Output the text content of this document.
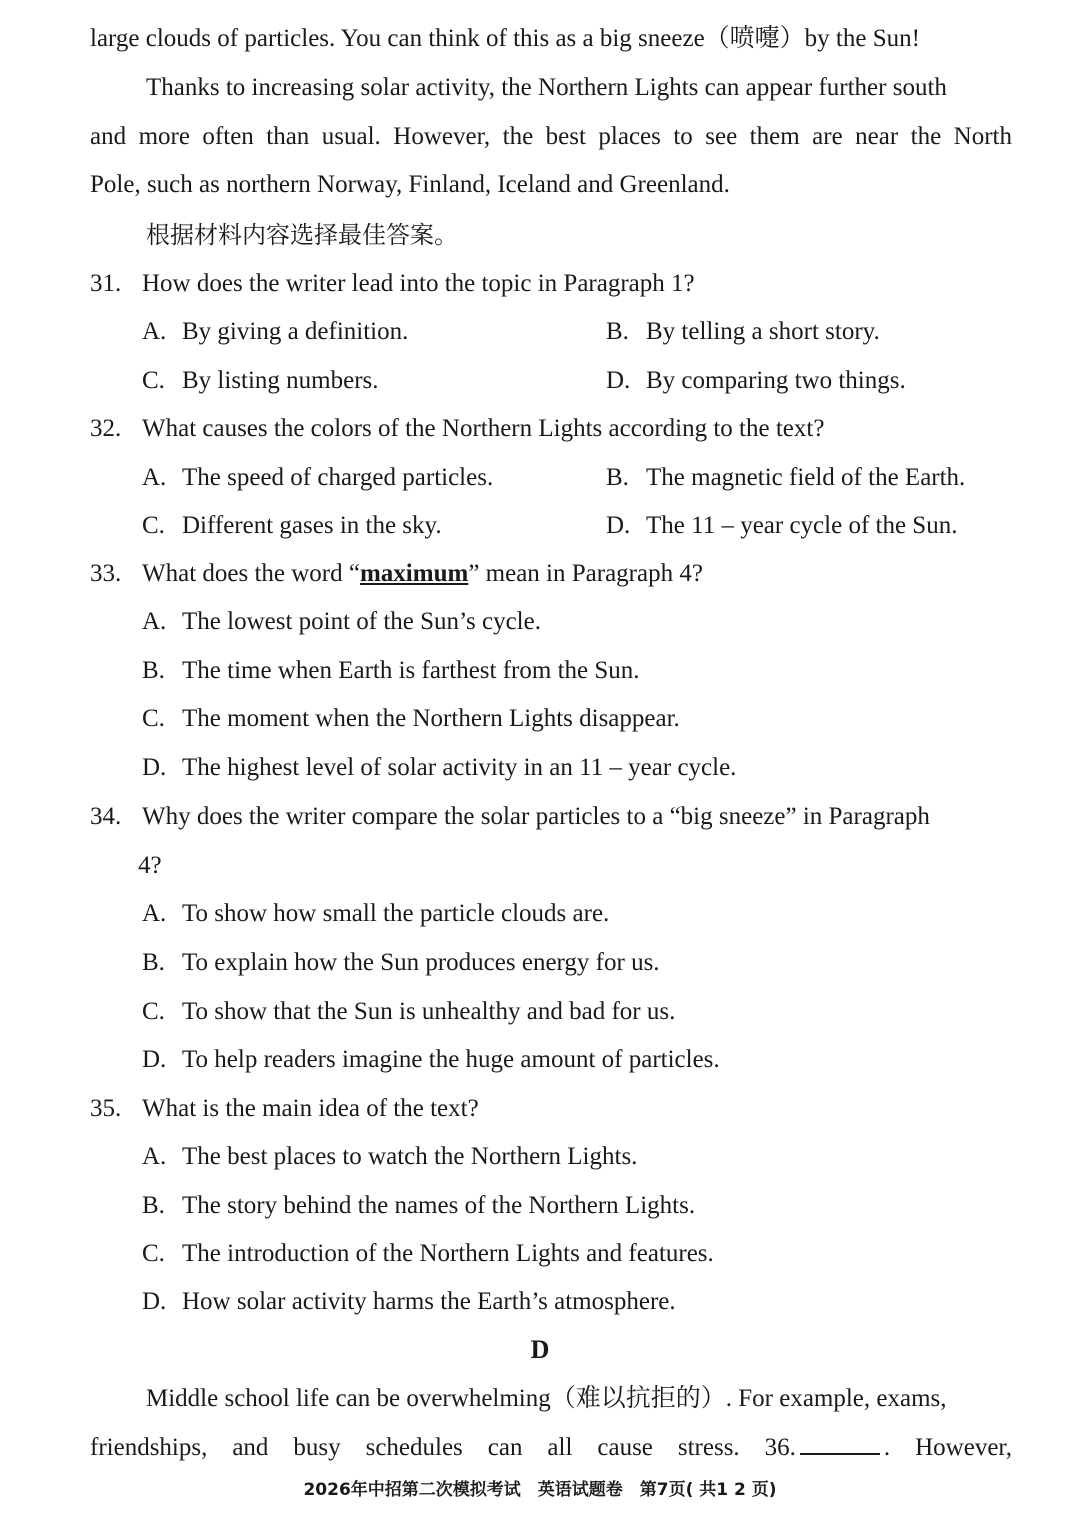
large clouds of particles. You can think of this as a big sneeze（喷嚏）by the Sun!
Thanks to increasing solar activity, the Northern Lights can appear further south
and more often than usual. However, the best places to see them are near the North
Pole, such as northern Norway, Finland, Iceland and Greenland.
根据材料内容选择最佳答案。
31. How does the writer lead into the topic in Paragraph 1?
A. By giving a definition.	B. By telling a short story.
C. By listing numbers.	D. By comparing two things.
32. What causes the colors of the Northern Lights according to the text?
A. The speed of charged particles.	B. The magnetic field of the Earth.
C. Different gases in the sky.	D. The 11 – year cycle of the Sun.
33. What does the word “maximum” mean in Paragraph 4?
A. The lowest point of the Sun’s cycle.
B. The time when Earth is farthest from the Sun.
C. The moment when the Northern Lights disappear.
D. The highest level of solar activity in an 11 – year cycle.
34. Why does the writer compare the solar particles to a “big sneeze” in Paragraph
4?
A. To show how small the particle clouds are.
B. To explain how the Sun produces energy for us.
C. To show that the Sun is unhealthy and bad for us.
D. To help readers imagine the huge amount of particles.
35. What is the main idea of the text?
A. The best places to watch the Northern Lights.
B. The story behind the names of the Northern Lights.
C. The introduction of the Northern Lights and features.
D. How solar activity harms the Earth’s atmosphere.
D
Middle school life can be overwhelming（难以抗拒的）. For example, exams,
friendships, and busy schedules can all cause stress. 36.	. However,
2026年中招第二次模拟考试　英语试题卷　第7页( 共1 2 页)
